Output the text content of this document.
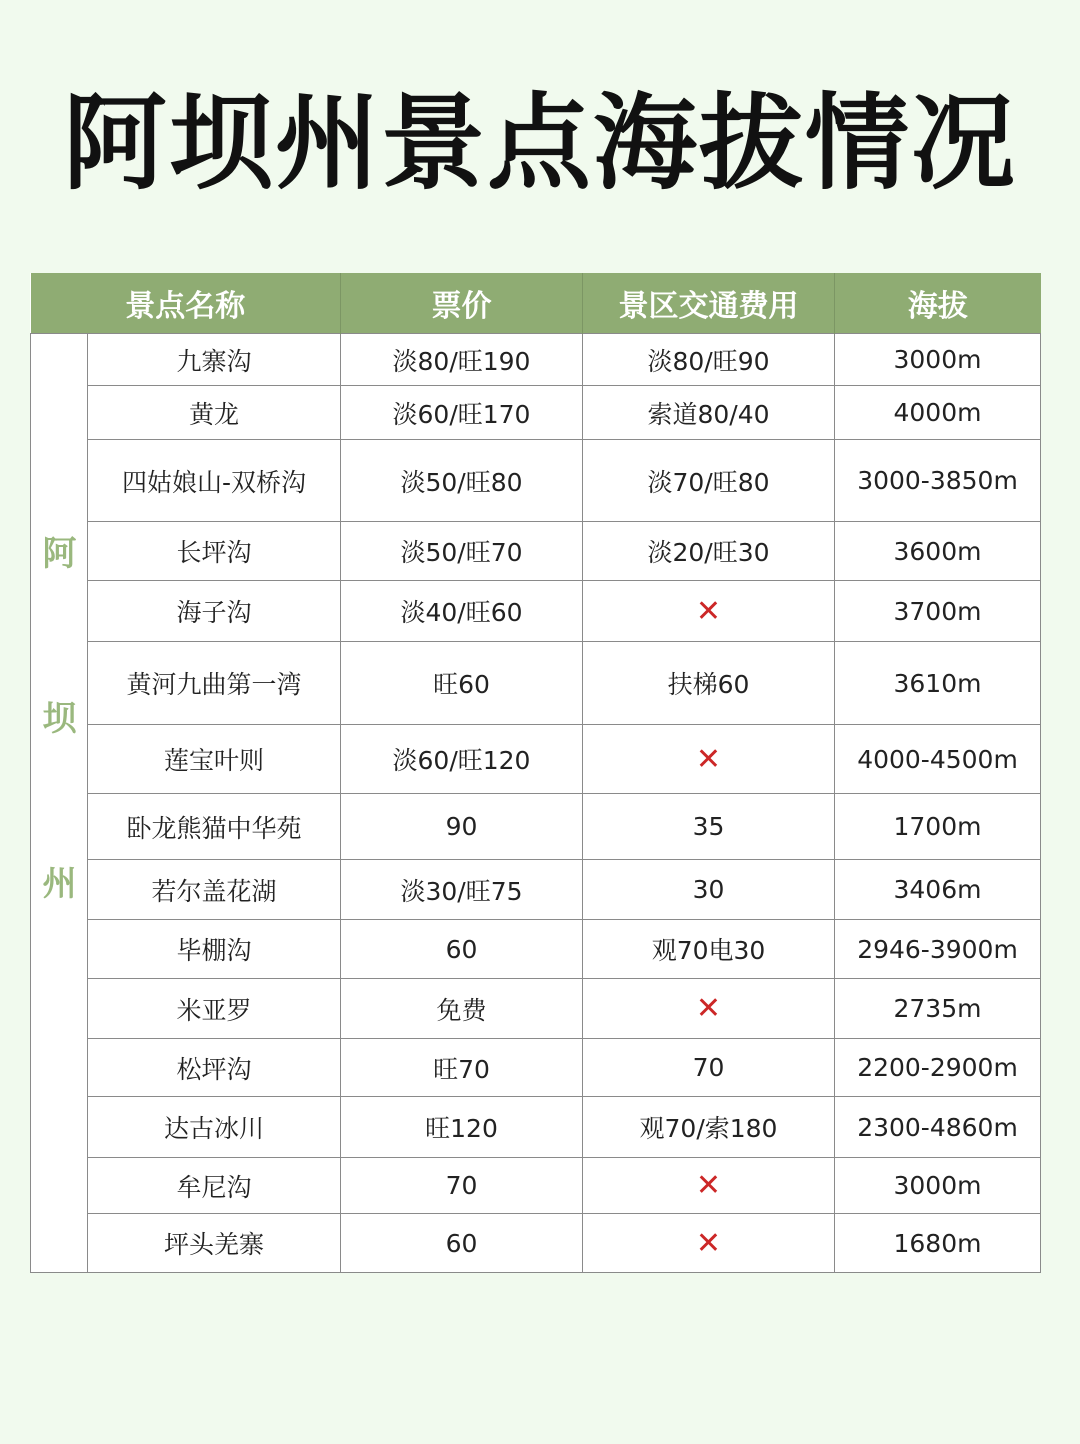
阿坝州景点海拔情况
景点名称		票价	景区交通费用	海拔

阿
坝
州	九寨沟	淡80/旺190	淡80/旺90	3000m
	黄龙	淡60/旺170	索道80/40	4000m
	四姑娘山-双桥沟	淡50/旺80	淡70/旺80	3000-3850m
	长坪沟	淡50/旺70	淡20/旺30	3600m
	海子沟	淡40/旺60	✕	3700m
	黄河九曲第一湾	旺60	扶梯60	3610m
	莲宝叶则	淡60/旺120	✕	4000-4500m
	卧龙熊猫中华苑	90	35	1700m
	若尔盖花湖	淡30/旺75	30	3406m
	毕棚沟	60	观70电30	2946-3900m
	米亚罗	免费	✕	2735m
	松坪沟	旺70	70	2200-2900m
	达古冰川	旺120	观70/索180	2300-4860m
	牟尼沟	70	✕	3000m
	坪头羌寨	60	✕	1680m
